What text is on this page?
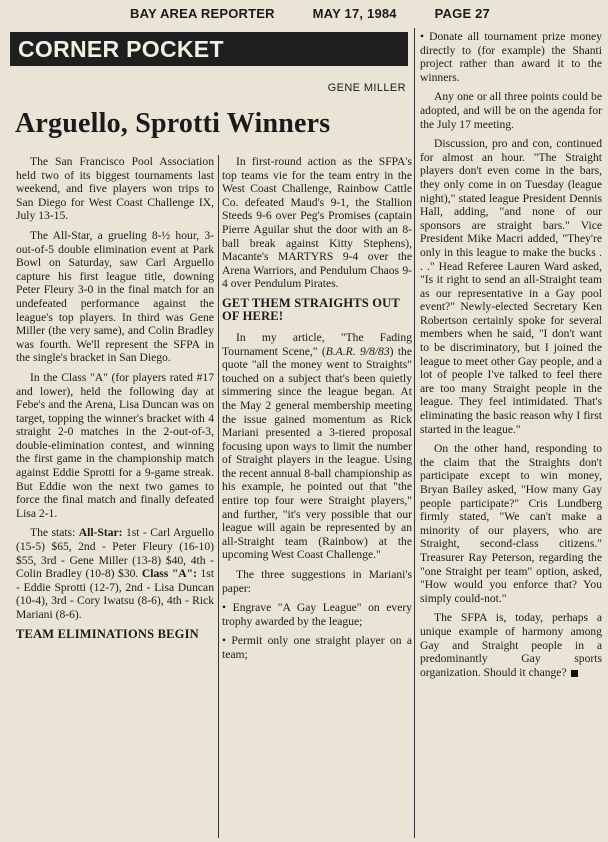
BAY AREA REPORTER	MAY 17, 1984	PAGE 27
CORNER POCKET
GENE MILLER
Arguello, Sprotti Winners

The San Francisco Pool Association held two of its biggest tournaments last weekend, and five players won trips to San Diego for West Coast Challenge IX, July 13-15.

The All-Star, a grueling 8-½ hour, 3-out-of-5 double elimination event at Park Bowl on Saturday, saw Carl Arguello capture his first league title, downing Peter Fleury 3-0 in the final match for an undefeated performance against the league's top players. In third was Gene Miller (the very same), and Colin Bradley was fourth. We'll represent the SFPA in the single's bracket in San Diego.

In the Class "A" (for players rated #17 and lower), held the following day at Febe's and the Arena, Lisa Duncan was on target, topping the winner's bracket with 4 straight 2-0 matches in the 2-out-of-3, double-elimination contest, and winning the first game in the championship match against Eddie Sprotti for a 9-game streak. But Eddie won the next two games to force the final match and finally defeated Lisa 2-1.

The stats: All-Star: 1st - Carl Arguello (15-5) $65, 2nd - Peter Fleury (16-10) $55, 3rd - Gene Miller (13-8) $40, 4th - Colin Bradley (10-8) $30. Class "A": 1st - Eddie Sprotti (12-7), 2nd - Lisa Duncan (10-4), 3rd - Cory Iwatsu (8-6), 4th - Rick Mariani (8-6).

TEAM ELIMINATIONS BEGIN

In first-round action as the SFPA's top teams vie for the team entry in the West Coast Challenge, Rainbow Cattle Co. defeated Maud's 9-1, the Stallion Steeds 9-6 over Peg's Promises (captain Pierre Aguilar shut the door with an 8-ball break against Kitty Stephens), Macante's MARTYRS 9-4 over the Arena Warriors, and Pendulum Chaos 9-4 over Pendulum Pirates.

GET THEM STRAIGHTS OUT OF HERE!

In my article, "The Fading Tournament Scene," (B.A.R. 9/8/83) the quote "all the money went to Straights" touched on a subject that's been quietly simmering since the league began. At the May 2 general membership meeting the issue gained momentum as Rick Mariani presented a 3-tiered proposal focusing upon ways to limit the number of Straight players in the league. Using the recent annual 8-ball championship as his example, he pointed out that "the entire top four were Straight players," and further, "it's very possible that our league will again be represented by an all-Straight team (Rainbow) at the upcoming West Coast Challenge."

The three suggestions in Mariani's paper:

• Engrave "A Gay League" on every trophy awarded by the league;

• Permit only one straight player on a team;

• Donate all tournament prize money directly to (for example) the Shanti project rather than award it to the winners.

Any one or all three points could be adopted, and will be on the agenda for the July 17 meeting.

Discussion, pro and con, continued for almost an hour. "The Straight players don't even come in the bars, they only come in on Tuesday (league night)," stated league President Dennis Hall, adding, "and none of our sponsors are straight bars." Vice President Mike Macri added, "They're only in this league to make the bucks . . ." Head Referee Lauren Ward asked, "Is it right to send an all-Straight team as our representative in a Gay pool event?" Newly-elected Secretary Ken Robertson certainly spoke for several members when he said, "I don't want to be discriminatory, but I joined the league to meet other Gay people, and a lot of people I've talked to feel there are too many Straight people in the league. They feel intimidated. That's eliminating the basic reason why I first started in the league."

On the other hand, responding to the claim that the Straights don't participate except to win money, Bryan Bailey asked, "How many Gay people participate?" Cris Lundberg firmly stated, "We can't make a minority of our players, who are Straight, second-class citizens." Treasurer Ray Peterson, regarding the "one Straight per team" option, asked, "How would you enforce that? You simply could-not."

The SFPA is, today, perhaps a unique example of harmony among Gay and Straight people in a predominantly Gay sports organization. Should it change?
